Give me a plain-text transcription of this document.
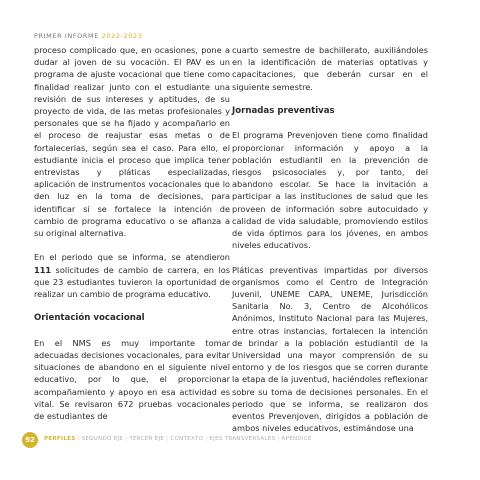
PRIMER INFORME 2022-2023

proceso complicado que, en ocasiones, pone a dudar al joven de su vocación. El PAV es un programa de ajuste vocacional que tiene como finalidad realizar junto con el estudiante una revisión de sus intereses y aptitudes, de su proyecto de vida, de las metas profesionales y personales que se ha fijado y acompañarlo en el proceso de reajustar esas metas o de fortalecerlas, según sea el caso. Para ello, el estudiante inicia el proceso que implica tener entrevistas y pláticas especializadas, aplicación de instrumentos vocacionales que lo den luz en la toma de decisiones, para identificar si se fortalece la intención de cambio de programa educativo o se afianza a su original alternativa.

En el periodo que se informa, se atendieron 111 solicitudes de cambio de carrera, en los que 23 estudiantes tuvieron la oportunidad de realizar un cambio de programa educativo.

Orientación vocacional

En el NMS es muy importante tomar adecuadas decisiones vocacionales, para evitar situaciones de abandono en el siguiente nivel educativo, por lo que, el proporcionar acompañamiento y apoyo en esa actividad es vital. Se revisaron 672 pruebas vocacionales de estudiantes de

cuarto semestre de bachillerato, auxiliándoles en la identificación de materias optativas y capacitaciones, que deberán cursar en el siguiente semestre.

Jornadas preventivas

El programa Prevenjoven tiene como finalidad proporcionar información y apoyo a la población estudiantil en la prevención de riesgos psicosociales y, por tanto, del abandono escolar. Se hace la invitación a participar a las instituciones de salud que les proveen de información sobre autocuidado y calidad de vida saludable, promoviendo estilos de vida óptimos para los jóvenes, en ambos niveles educativos.

Pláticas preventivas impartidas por diversos organismos como el Centro de Integración Juvenil, UNEME CAPA, UNEME, Jurisdicción Sanitaria No. 3, Centro de Alcohólicos Anónimos, Instituto Nacional para las Mujeres, entre otras instancias, fortalecen la intención de brindar a la población estudiantil de la Universidad una mayor comprensión de su entorno y de los riesgos que se corren durante la etapa de la juventud, haciéndoles reflexionar sobre su toma de decisiones personales. En el periodo que se informa, se realizaron dos eventos Prevenjoven, dirigidos a población de ambos niveles educativos, estimándose una

92	PERFILES | SEGUNDO EJE | TERCER EJE | CONTEXTO | EJES TRANSVERSALES | APÉNDICE
